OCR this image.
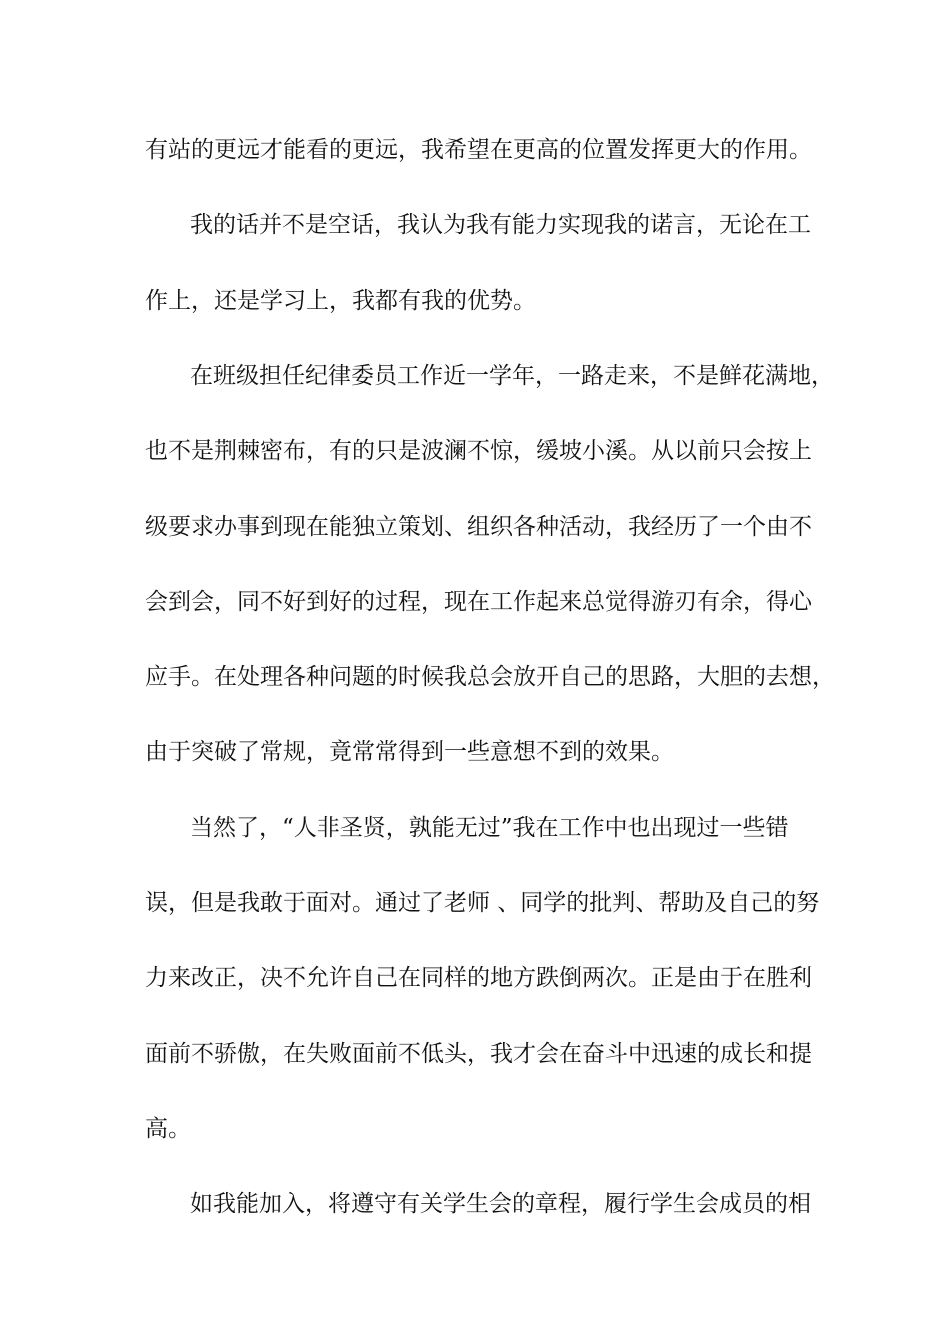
有站的更远才能看的更远，我希望在更高的位置发挥更大的作用。
我的话并不是空话，我认为我有能力实现我的诺言，无论在工
作上，还是学习上，我都有我的优势。
在班级担任纪律委员工作近一学年，一路走来，不是鲜花满地，
也不是荆棘密布，有的只是波澜不惊，缓坡小溪。从以前只会按上
级要求办事到现在能独立策划、组织各种活动，我经历了一个由不
会到会，同不好到好的过程，现在工作起来总觉得游刃有余，得心
应手。在处理各种问题的时候我总会放开自己的思路，大胆的去想，
由于突破了常规，竟常常得到一些意想不到的效果。
当然了，“人非圣贤，孰能无过”我在工作中也出现过一些错
误，但是我敢于面对。通过了老师 、同学的批判、帮助及自己的努
力来改正，决不允许自己在同样的地方跌倒两次。正是由于在胜利
面前不骄傲，在失败面前不低头，我才会在奋斗中迅速的成长和提
高。
如我能加入，将遵守有关学生会的章程，履行学生会成员的相
